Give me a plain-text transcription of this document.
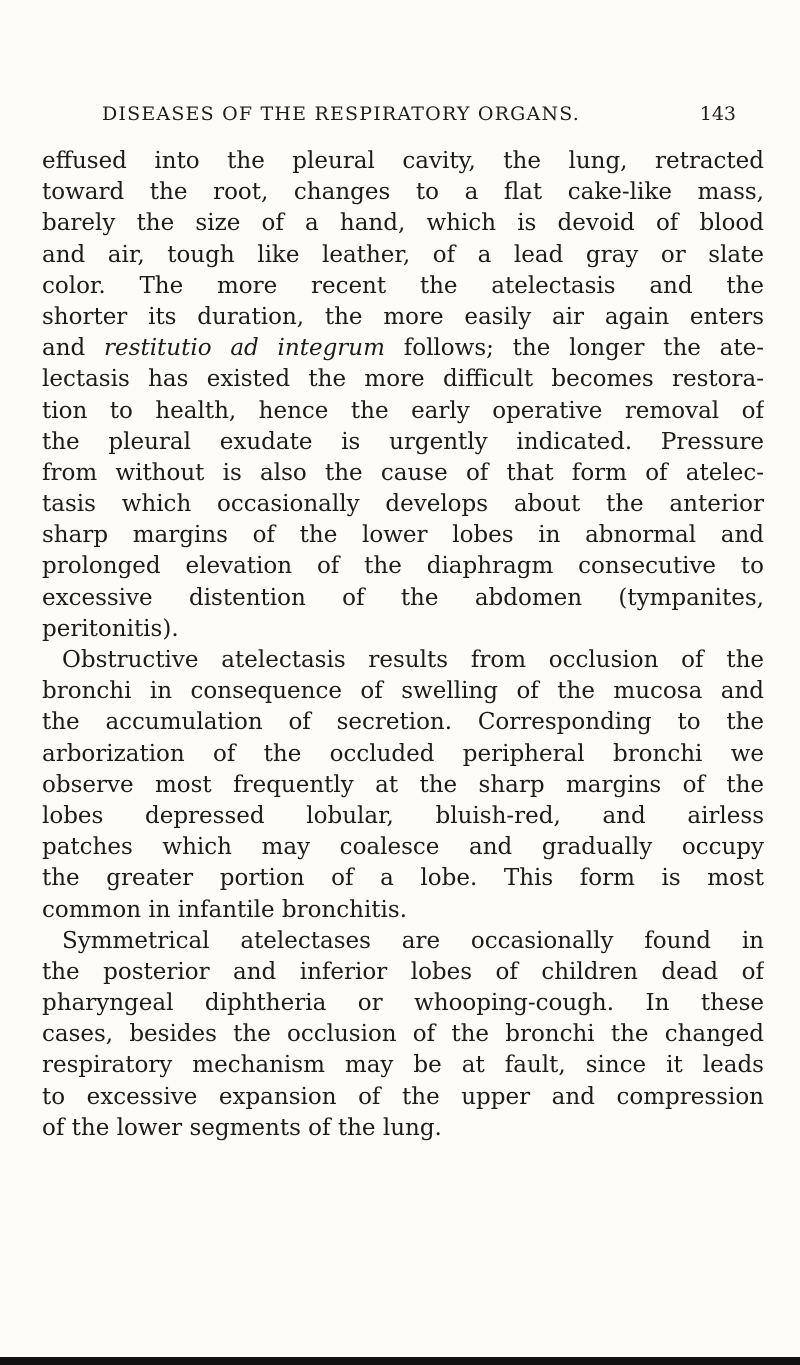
DISEASES OF THE RESPIRATORY ORGANS.	143
effused into the pleural cavity, the lung, retracted
toward the root, changes to a flat cake-like mass,
barely the size of a hand, which is devoid of blood
and air, tough like leather, of a lead gray or slate
color. The more recent the atelectasis and the
shorter its duration, the more easily air again enters
and restitutio ad integrum follows; the longer the ate-
lectasis has existed the more difficult becomes restora-
tion to health, hence the early operative removal of
the pleural exudate is urgently indicated. Pressure
from without is also the cause of that form of atelec-
tasis which occasionally develops about the anterior
sharp margins of the lower lobes in abnormal and
prolonged elevation of the diaphragm consecutive to
excessive distention of the abdomen (tympanites,
peritonitis).
Obstructive atelectasis results from occlusion of the
bronchi in consequence of swelling of the mucosa and
the accumulation of secretion. Corresponding to the
arborization of the occluded peripheral bronchi we
observe most frequently at the sharp margins of the
lobes depressed lobular, bluish-red, and airless
patches which may coalesce and gradually occupy
the greater portion of a lobe. This form is most
common in infantile bronchitis.
Symmetrical atelectases are occasionally found in
the posterior and inferior lobes of children dead of
pharyngeal diphtheria or whooping-cough. In these
cases, besides the occlusion of the bronchi the changed
respiratory mechanism may be at fault, since it leads
to excessive expansion of the upper and compression
of the lower segments of the lung.
